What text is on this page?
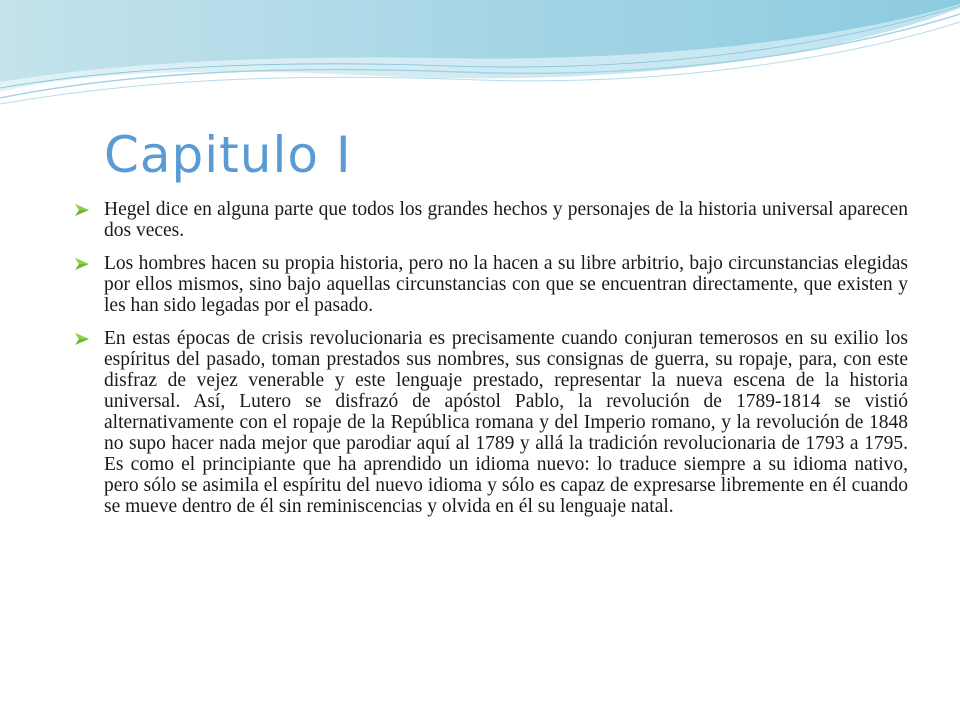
Capitulo I
Hegel dice en alguna parte que todos los grandes hechos y personajes de la historia universal aparecen dos veces.
Los hombres hacen su propia historia, pero no la hacen a su libre arbitrio, bajo circunstancias elegidas por ellos mismos, sino bajo aquellas circunstancias con que se encuentran directamente, que existen y les han sido legadas por el pasado.
En estas épocas de crisis revolucionaria es precisamente cuando conjuran temerosos en su exilio los espíritus del pasado, toman prestados sus nombres, sus consignas de guerra, su ropaje, para, con este disfraz de vejez venerable y este lenguaje prestado, representar la nueva escena de la historia universal. Así, Lutero se disfrazó de apóstol Pablo, la revolución de 1789-1814 se vistió alternativamente con el ropaje de la República romana y del Imperio romano, y la revolución de 1848 no supo hacer nada mejor que parodiar aquí al 1789 y allá la tradición revolucionaria de 1793 a 1795. Es como el principiante que ha aprendido un idioma nuevo: lo traduce siempre a su idioma nativo, pero sólo se asimila el espíritu del nuevo idioma y sólo es capaz de expresarse libremente en él cuando se mueve dentro de él sin reminiscencias y olvida en él su lenguaje natal.
